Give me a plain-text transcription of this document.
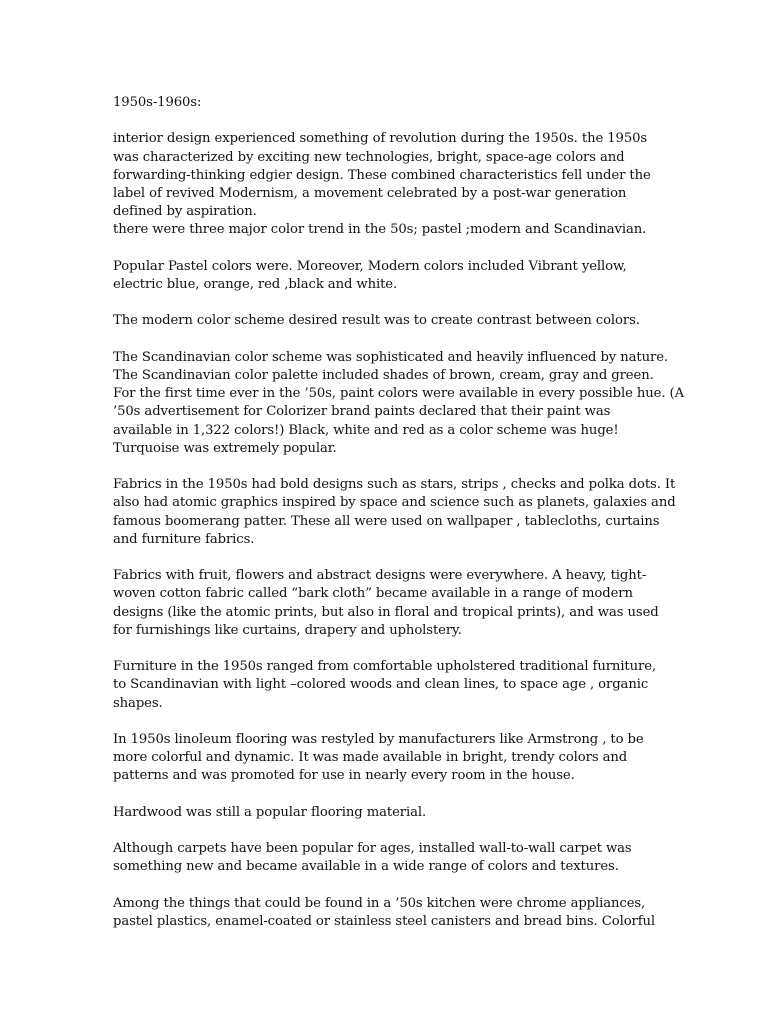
1950s-1960s:

interior design experienced something of revolution during the 1950s. the 1950s
was characterized by exciting new technologies, bright, space-age colors and
forwarding-thinking edgier design. These combined characteristics fell under the
label of revived Modernism, a movement celebrated by a post-war generation
defined by aspiration.
there were three major color trend in the 50s; pastel ;modern and Scandinavian.

Popular Pastel colors were. Moreover, Modern colors included Vibrant yellow,
electric blue, orange, red ,black and white.

The modern color scheme desired result was to create contrast between colors.

The Scandinavian color scheme was sophisticated and heavily influenced by nature.
The Scandinavian color palette included shades of brown, cream, gray and green.
For the first time ever in the ’50s, paint colors were available in every possible hue. (A
’50s advertisement for Colorizer brand paints declared that their paint was
available in 1,322 colors!) Black, white and red as a color scheme was huge!
Turquoise was extremely popular.

Fabrics in the 1950s had bold designs such as stars, strips , checks and polka dots. It
also had atomic graphics inspired by space and science such as planets, galaxies and
famous boomerang patter. These all were used on wallpaper , tablecloths, curtains
and furniture fabrics.

Fabrics with fruit, flowers and abstract designs were everywhere. A heavy, tight-
woven cotton fabric called “bark cloth” became available in a range of modern
designs (like the atomic prints, but also in floral and tropical prints), and was used
for furnishings like curtains, drapery and upholstery.

Furniture in the 1950s ranged from comfortable upholstered traditional furniture,
to Scandinavian with light –colored woods and clean lines, to space age , organic
shapes.

In 1950s linoleum flooring was restyled by manufacturers like Armstrong , to be
more colorful and dynamic. It was made available in bright, trendy colors and
patterns and was promoted for use in nearly every room in the house.

Hardwood was still a popular flooring material.

Although carpets have been popular for ages, installed wall-to-wall carpet was
something new and became available in a wide range of colors and textures.

Among the things that could be found in a ’50s kitchen were chrome appliances,
pastel plastics, enamel-coated or stainless steel canisters and bread bins. Colorful
